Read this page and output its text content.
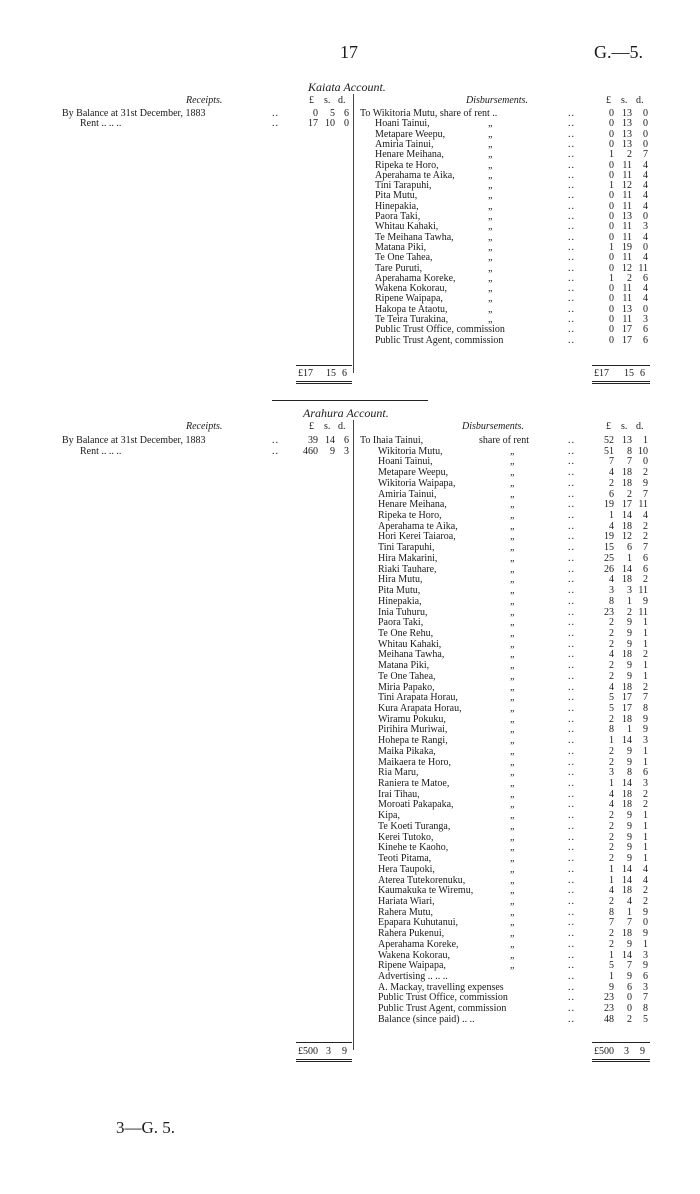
17	G.—5.
Kaiata Account.
Receipts.	Disbursements.
£ s. d.	£ s. d.
By Balance at 31st December, 1883	..	0	5 6
Rent .. .. ..	..	17 10 0
To Wikitoria Mutu, share of rent ..	..	0 13	0
Hoani Tainui,	„	..	0 13	0
Metapare Weepu,	„	..	0 13	0
Amiria Tainui,	„	..	0 13	0
Henare Meihana,	„	..	1	2	7
Ripeka te Horo,	„	..	0 11	4
Aperahama te Aika,	„	..	0 11	4
Tini Tarapuhi,	„	..	1 12	4
Pita Mutu,	„	..	0 11	4
Hinepakia,	„	..	0 11	4
Paora Taki,	„	..	0 13	0
Whitau Kahaki,	„	..	0 11	3
Te Meihana Tawha,	„	..	0 11	4
Matana Piki,	„	..	1 19	0
Te One Tahea,	„	..	0 11	4
Tare Puruti,	„	..	0 12 11
Aperahama Koreke,	„	..	1	2	6
Wakena Kokorau,	„	..	0 11	4
Ripene Waipapa,	„	..	0 11	4
Hakopa te Ataotu,	„	..	0 13	0
Te Teira Turakina,	„	..	0 11	3
Public Trust Office, commission	..	0 17	6
Public Trust Agent, commission	..	0 17	6
£17 15 6	£17 15 6
Arahura Account.
Receipts.	Disbursements.
£ s. d.	£ s. d.
By Balance at 31st December, 1883	..	39 14 6
Rent .. .. ..	..	460	9 3
To Ihaia Tainui,	share of rent	..	52 13	1
Wikitoria Mutu,	„	..	51	8 10
Hoani Tainui,	„	..	7	7	0
Metapare Weepu,	„	..	4 18	2
Wikitoria Waipapa,	„	..	2 18	9
Amiria Tainui,	„	..	6	2	7
Henare Meihana,	„	..	19 17 11
Ripeka te Horo,	„	..	1 14	4
Aperahama te Aika,	„	..	4 18	2
Hori Kerei Taiaroa,	„	..	19 12	2
Tini Tarapuhi,	„	..	15	6	7
Hira Makarini,	„	..	25	1	6
Riaki Tauhare,	„	..	26 14	6
Hira Mutu,	„	..	4 18	2
Pita Mutu,	„	..	3	3 11
Hinepakia,	„	..	8	1	9
Inia Tuhuru,	„	..	23	2 11
Paora Taki,	„	..	2	9	1
Te One Rehu,	„	..	2	9	1
Whitau Kahaki,	„	..	2	9	1
Meihana Tawha,	„	..	4 18	2
Matana Piki,	„	..	2	9	1
Te One Tahea,	„	..	2	9	1
Miria Papako,	„	..	4 18	2
Tini Arapata Horau,	„	..	5 17	7
Kura Arapata Horau,	„	..	5 17	8
Wiramu Pokuku,	„	..	2 18	9
Pirihira Muriwai,	„	..	8	1	9
Hohepa te Rangi,	„	..	1 14	3
Maika Pikaka,	„	..	2	9	1
Maikaera te Horo,	„	..	2	9	1
Ria Maru,	„	..	3	8	6
Raniera te Matoe,	„	..	1 14	3
Irai Tihau,	„	..	4 18	2
Moroati Pakapaka,	„	..	4 18	2
Kipa,	„	..	2	9	1
Te Koeti Turanga,	„	..	2	9	1
Kerei Tutoko,	„	..	2	9	1
Kinehe te Kaoho,	„	..	2	9	1
Teoti Pitama,	„	..	2	9	1
Hera Taupoki,	„	..	1 14	4
Aterea Tutekorenuku,	„	..	1 14	4
Kaumakuka te Wiremu,	„	..	4 18	2
Hariata Wiari,	„	..	2	4	2
Rahera Mutu,	„	..	8	1	9
Epapara Kuhutanui,	„	..	7	7	0
Rahera Pukenui,	„	..	2 18	9
Aperahama Koreke,	„	..	2	9	1
Wakena Kokorau,	„	..	1 14	3
Ripene Waipapa,	„	..	5	7	9
Advertising .. .. ..	..	1	9	6
A. Mackay, travelling expenses	..	9	6	3
Public Trust Office, commission	..	23	0	7
Public Trust Agent, commission	..	23	0	8
Balance (since paid) .. ..	..	48	2	5
£500 3 9	£500 3 9
3—G. 5.
